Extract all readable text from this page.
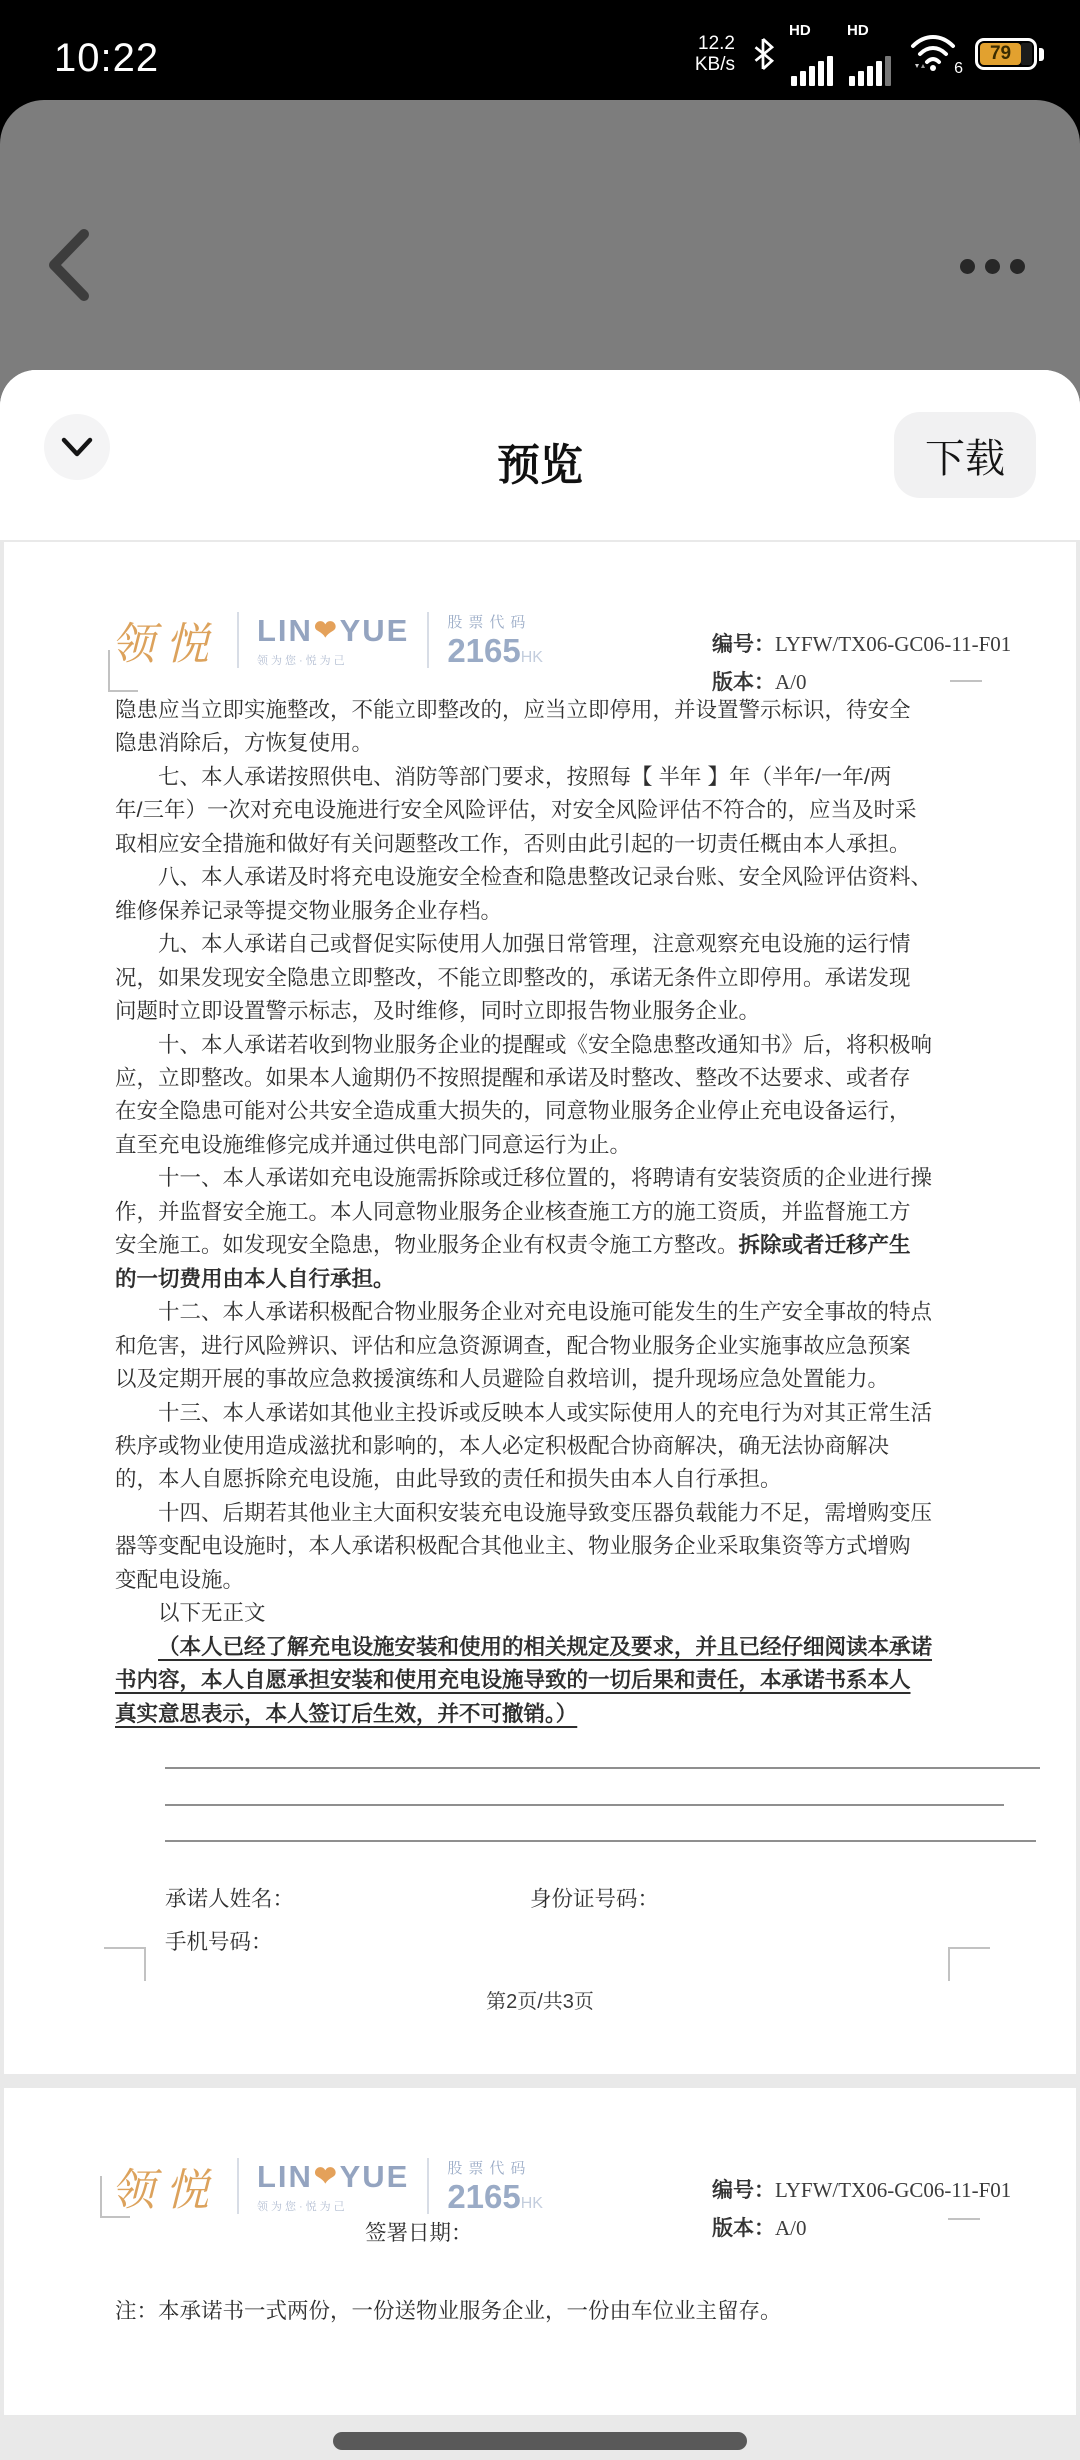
10:22	12.2
KB/s
HD HD
6
79
预览	下载
领悦 LIN ❤ YUE
领为您·悦为己
股票代码
2165HK
编号：LYFW/TX06-GC06-11-F01
版本：A/0
隐患应当立即实施整改，不能立即整改的，应当立即停用，并设置警示标识，待安全
隐患消除后，方恢复使用。
七、本人承诺按照供电、消防等部门要求，按照每【 半年 】年（半年/一年/两
年/三年）一次对充电设施进行安全风险评估，对安全风险评估不符合的，应当及时采
取相应安全措施和做好有关问题整改工作，否则由此引起的一切责任概由本人承担。
八、本人承诺及时将充电设施安全检查和隐患整改记录台账、安全风险评估资料、
维修保养记录等提交物业服务企业存档。
九、本人承诺自己或督促实际使用人加强日常管理，注意观察充电设施的运行情
况，如果发现安全隐患立即整改，不能立即整改的，承诺无条件立即停用。承诺发现
问题时立即设置警示标志，及时维修，同时立即报告物业服务企业。
十、本人承诺若收到物业服务企业的提醒或《安全隐患整改通知书》后，将积极响
应，立即整改。如果本人逾期仍不按照提醒和承诺及时整改、整改不达要求、或者存
在安全隐患可能对公共安全造成重大损失的，同意物业服务企业停止充电设备运行，
直至充电设施维修完成并通过供电部门同意运行为止。
十一、本人承诺如充电设施需拆除或迁移位置的，将聘请有安装资质的企业进行操
作，并监督安全施工。本人同意物业服务企业核查施工方的施工资质，并监督施工方
安全施工。如发现安全隐患，物业服务企业有权责令施工方整改。拆除或者迁移产生
的一切费用由本人自行承担。
十二、本人承诺积极配合物业服务企业对充电设施可能发生的生产安全事故的特点
和危害，进行风险辨识、评估和应急资源调查，配合物业服务企业实施事故应急预案
以及定期开展的事故应急救援演练和人员避险自救培训，提升现场应急处置能力。
十三、本人承诺如其他业主投诉或反映本人或实际使用人的充电行为对其正常生活
秩序或物业使用造成滋扰和影响的，本人必定积极配合协商解决，确无法协商解决
的，本人自愿拆除充电设施，由此导致的责任和损失由本人自行承担。
十四、后期若其他业主大面积安装充电设施导致变压器负载能力不足，需增购变压
器等变配电设施时，本人承诺积极配合其他业主、物业服务企业采取集资等方式增购
变配电设施。
以下无正文
（本人已经了解充电设施安装和使用的相关规定及要求，并且已经仔细阅读本承诺
书内容，本人自愿承担安装和使用充电设施导致的一切后果和责任，本承诺书系本人
真实意思表示，本人签订后生效，并不可撤销。）
承诺人姓名：	身份证号码：
手机号码：
第2页/共3页
领悦 LIN ❤ YUE
领为您·悦为己
股票代码
2165HK
编号：LYFW/TX06-GC06-11-F01
版本：A/0
签署日期：
注：本承诺书一式两份，一份送物业服务企业，一份由车位业主留存。
